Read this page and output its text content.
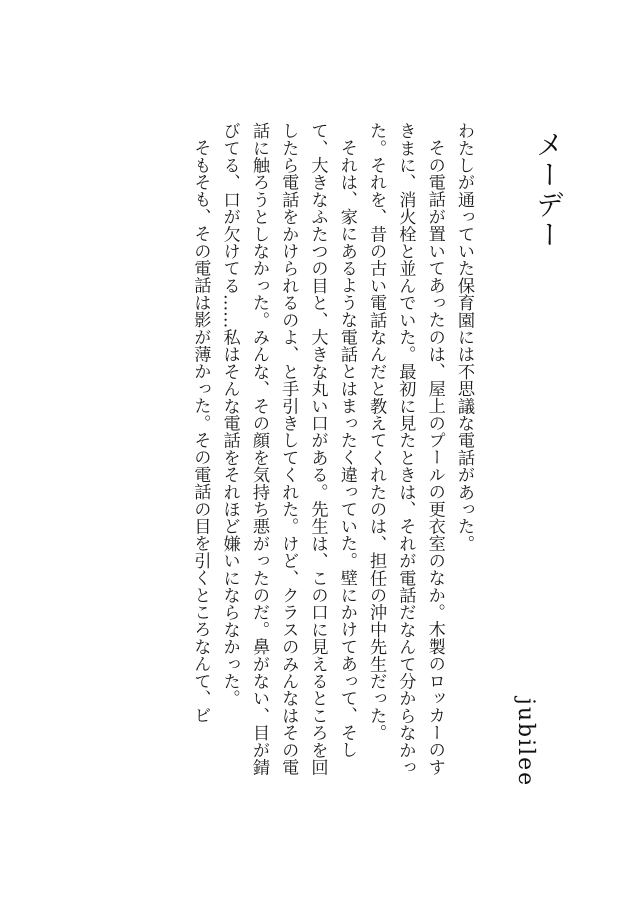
メーデー

わたしが通っていた保育園には不思議な電話があった。

その電話が置いてあったのは、屋上のプールの更衣室のなか。木製のロッカーのすきまに、消火栓と並んでいた。最初に見たときは、それが電話だなんて分からなかった。それを、昔の古い電話なんだと教えてくれたのは、担任の沖中先生だった。

それは、家にあるような電話とはまったく違っていた。壁にかけてあって、そして、大きなふたつの目と、大きな丸い口がある。先生は、この口に見えるところを回したら電話をかけられるのよ、と手引きしてくれた。けど、クラスのみんなはその電話に触ろうとしなかった。みんな、その顔を気持ち悪がったのだ。鼻がない、目が錆びてる、口が欠けてる……私はそんな電話をそれほど嫌いにならなかった。

そもそも、その電話は影が薄かった。その電話の目を引くところなんて、ビ

jubilee
